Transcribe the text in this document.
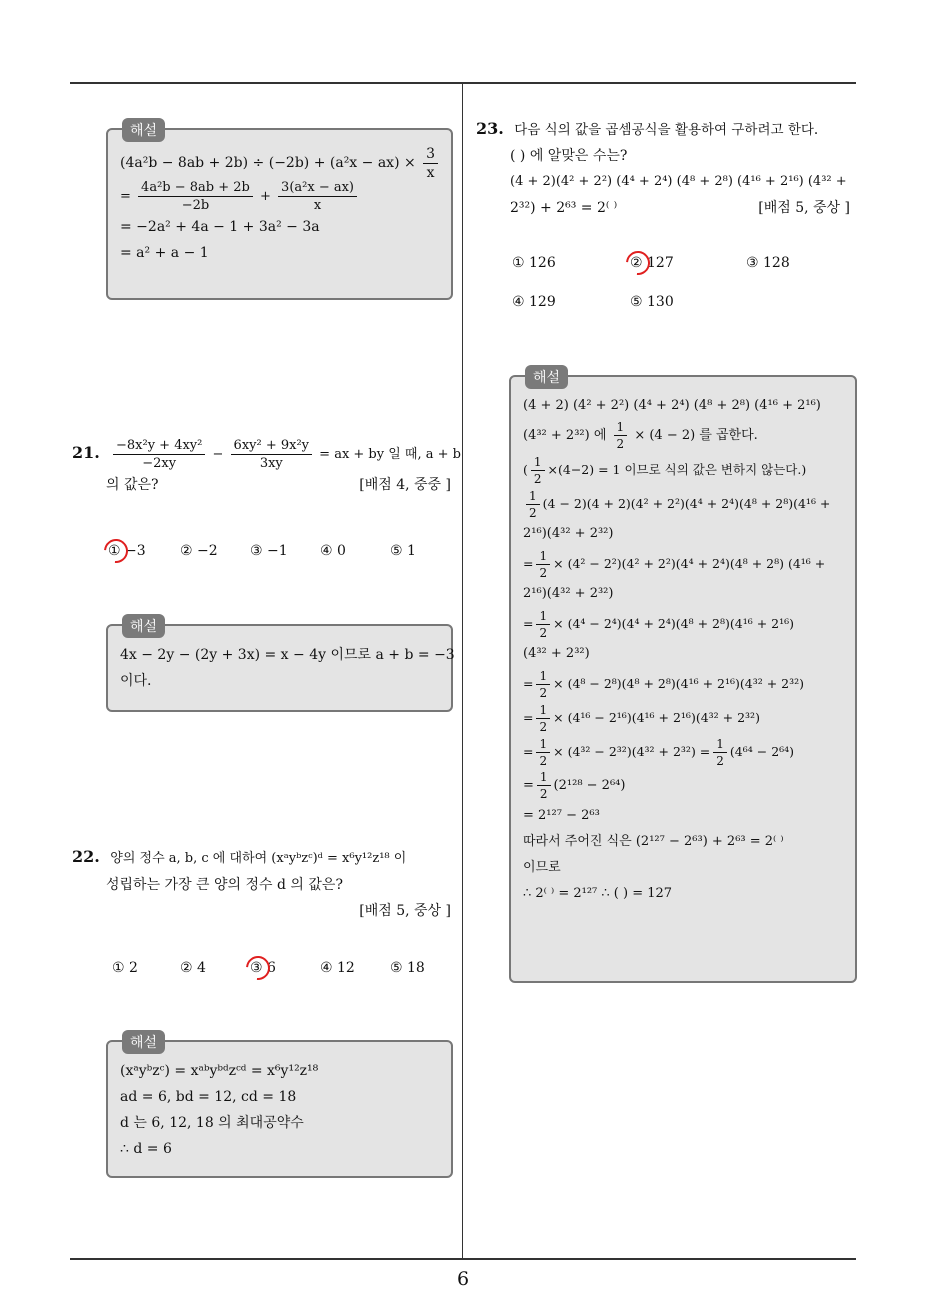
해설
$(4a^2b - 8ab + 2b) \div (-2b) + (a^2x - ax) \times \frac{3}{x}$
= $\frac{\text{4a²b − 8ab + 2b}}{-2b} + \frac{\text{3(a²x − ax)}}{x}$
= −2a² + 4a − 1 + 3a² − 3a
= a² + a − 1
21. $\frac{\text{−8x²y + 4xy²}}{-2xy} - \frac{\text{6xy² + 9x²y}}{3xy}$ = ax + by 일 때, a + b
의 값은?	[배점 4, 중중 ]
① −3 ② −2 ③ −1 ④ 0	⑤ 1
해설
4x − 2y − (2y + 3x) = x − 4y 이므로 a + b = −3
이다.
22. 양의 정수 a, b, c 에 대하여 (xᵃyᵇzᶜ)ᵈ = x⁶y¹²z¹⁸ 이
성립하는 가장 큰 양의 정수 d 의 값은?
[배점 5, 중상 ]
① 2	② 4	③ 6	④ 12	⑤ 18
해설
(xᵃyᵇzᶜ) = xᵃᵇyᵇᵈzᶜᵈ = x⁶y¹²z¹⁸
ad = 6, bd = 12, cd = 18
d 는 6, 12, 18 의 최대공약수
∴ d = 6
23. 다음 식의 값을 곱셈공식을 활용하여 구하려고 한다.
( ) 에 알맞은 수는?
(4 + 2)(4² + 2²) (4⁴ + 2⁴) (4⁸ + 2⁸) (4¹⁶ + 2¹⁶) (4³² +
2³²) + 2⁶³ = 2⁽ ⁾	[배점 5, 중상 ]
① 126	② 127	③ 128
④ 129	⑤ 130
해설
(4 + 2) (4² + 2²) (4⁴ + 2⁴) (4⁸ + 2⁸) (4¹⁶ + 2¹⁶)
(4³² + 2³²) 에 $\frac{1}{2} \times (4 - 2)$ 를 곱한다.
( $\frac{1}{2} \times(4-2) = 1$ 이므로 식의 값은 변하지 않는다.)
$\frac{1}{2} (4 - 2)(4 + 2)(4^2 + 2^2)(4^4 + 2^4)(4^8 + 2^8)(4^{16}$ +
2¹⁶)(4³² + 2³²)
= $\frac{1}{2} \times (4^2 - 2^2)(4^2 + 2^2)(4^4 + 2^4)(4^8 + 2^8) (4^{16}$ +
2¹⁶)(4³² + 2³²)
= $\frac{1}{2} \times (4^4 - 2^4)(4^4 + 2^4)(4^8 + 2^8)(4^{16} + 2^{16})$
(4³² + 2³²)
= $\frac{1}{2} \times (4^8 - 2^8)(4^8 + 2^8)(4^{16} + 2^{16})(4^{32} + 2^{32})$
= $\frac{1}{2} \times (4^{16} - 2^{16})(4^{16} + 2^{16})(4^{32} + 2^{32})$
= $\frac{1}{2} \times (4^{32} - 2^{32})(4^{32} + 2^{32}) = \frac{1}{2} (4^{64} - 2^{64})$
= $\frac{1}{2} (2^{128} - 2^{64})$
= 2¹²⁷ − 2⁶³
따라서 주어진 식은 (2¹²⁷ − 2⁶³) + 2⁶³ = 2⁽ ⁾
이므로
∴ 2⁽ ⁾ = 2¹²⁷ ∴ ( ) = 127
6
